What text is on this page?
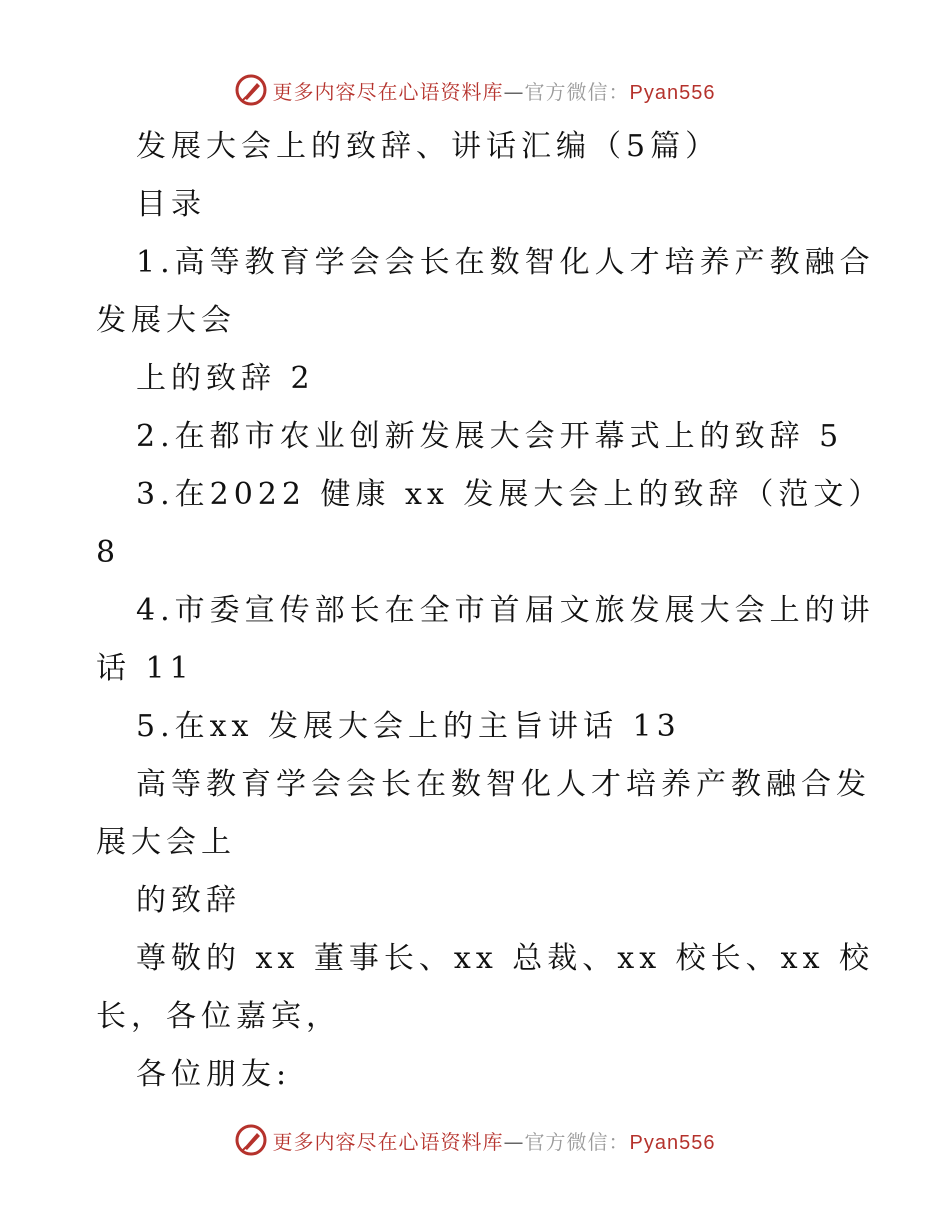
更多内容尽在心语资料库—官方微信：Pyan556
发展大会上的致辞、讲话汇编（5篇）
目录
1.高等教育学会会长在数智化人才培养产教融合
发展大会
上的致辞 2
2.在都市农业创新发展大会开幕式上的致辞 5
3.在2022 健康 xx 发展大会上的致辞（范文）
8
4.市委宣传部长在全市首届文旅发展大会上的讲
话 11
5.在xx 发展大会上的主旨讲话 13
高等教育学会会长在数智化人才培养产教融合发
展大会上
的致辞
尊敬的 xx 董事长、xx 总裁、xx 校长、xx 校
长，各位嘉宾，
各位朋友:
更多内容尽在心语资料库—官方微信：Pyan556
